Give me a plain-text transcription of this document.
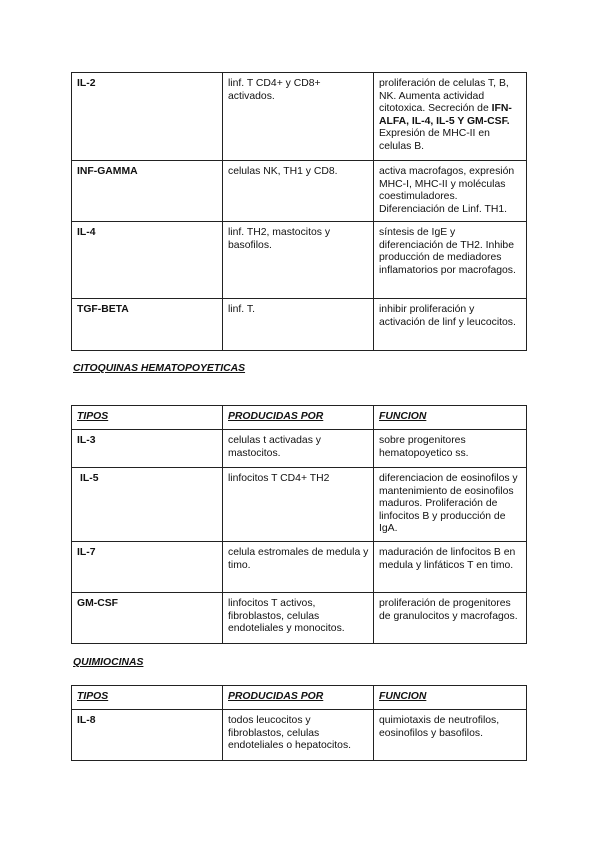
IL-2	linf. T CD4+ y CD8+ activados.	proliferación de celulas T, B, NK. Aumenta actividad citotoxica. Secreción de IFN-ALFA, IL-4, IL-5 Y GM-CSF. Expresión de MHC-II en celulas B.
INF-GAMMA	celulas NK, TH1 y CD8.	activa macrofagos, expresión MHC-I, MHC-II y moléculas coestimuladores. Diferenciación de Linf. TH1.
IL-4	linf. TH2, mastocitos y basofilos.	síntesis de IgE y diferenciación de TH2. Inhibe producción de mediadores inflamatorios por macrofagos.
TGF-BETA	linf. T.	inhibir proliferación y activación de linf y leucocitos.
CITOQUINAS HEMATOPOYETICAS
TIPOS	PRODUCIDAS POR	FUNCION
IL-3	celulas t activadas y mastocitos.	sobre progenitores hematopoyetico ss.
IL-5	linfocitos T CD4+ TH2	diferenciacion de eosinofilos y mantenimiento de eosinofilos maduros. Proliferación de linfocitos B y producción de IgA.
IL-7	celula estromales de medula y timo.	maduración de linfocitos B en medula y linfáticos T en timo.
GM-CSF	linfocitos T activos, fibroblastos, celulas endoteliales y monocitos.	proliferación de progenitores de granulocitos y macrofagos.
QUIMIOCINAS
TIPOS	PRODUCIDAS POR	FUNCION
IL-8	todos leucocitos y fibroblastos, celulas endoteliales o hepatocitos.	quimiotaxis de neutrofilos, eosinofilos y basofilos.
